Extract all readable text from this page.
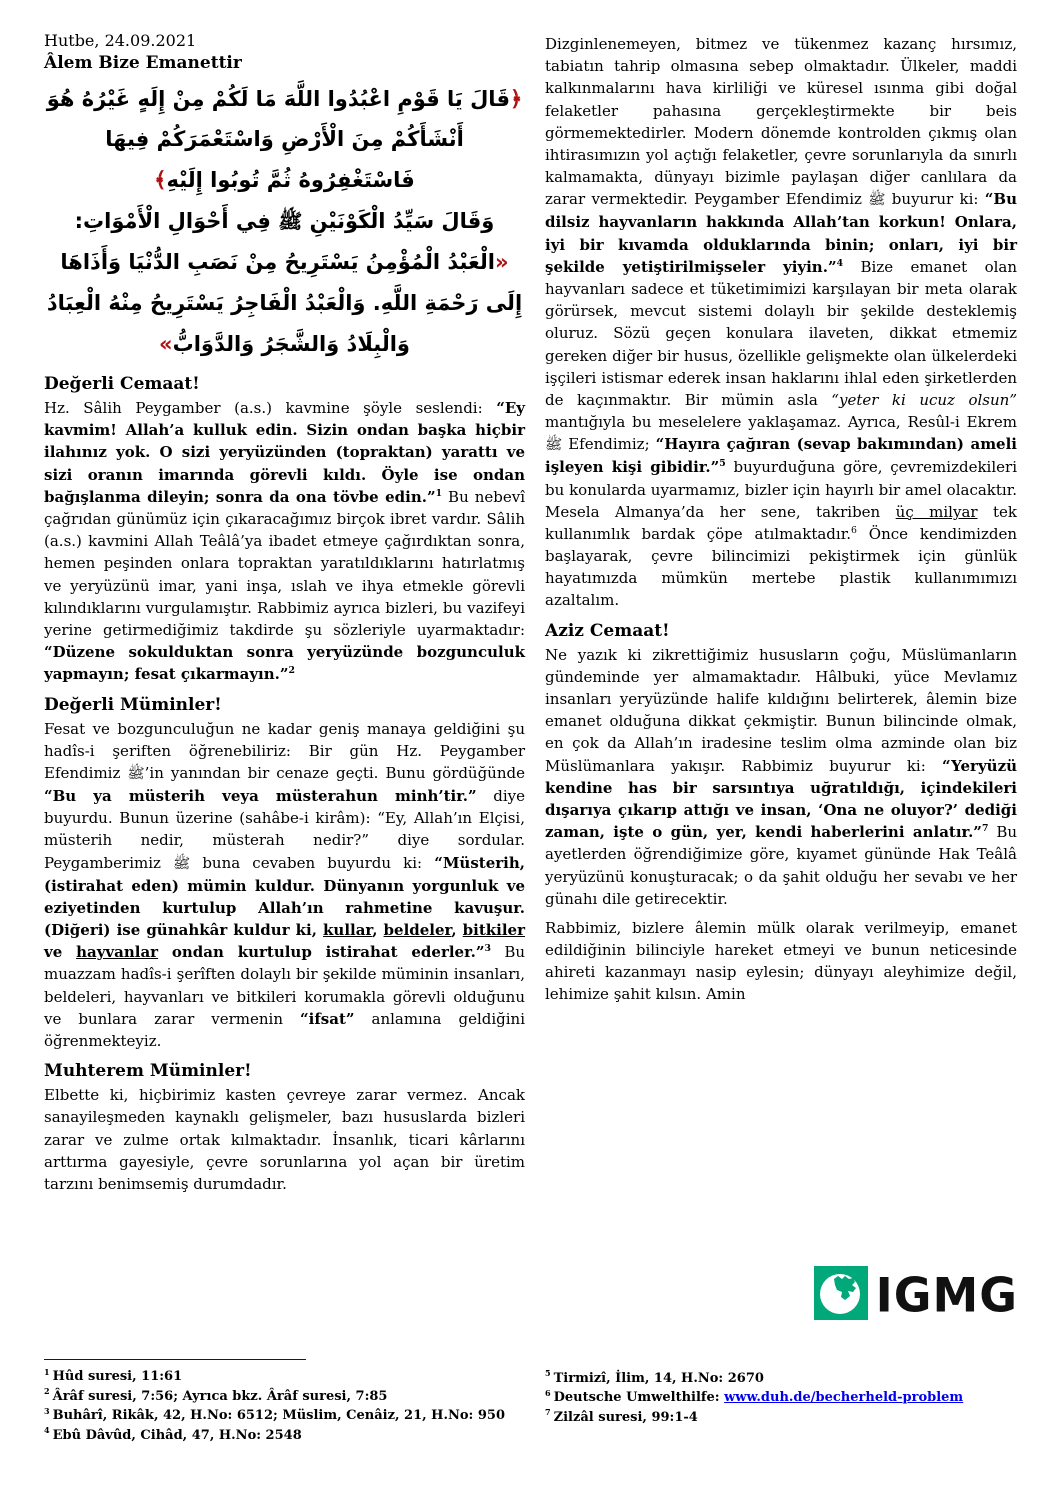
Hutbe, 24.09.2021
Âlem Bize Emanettir

﴿قَالَ يَا قَوْمِ اعْبُدُوا اللَّهَ مَا لَكُمْ مِنْ إِلَهٍ غَيْرُهُ هُوَ أَنْشَأَكُمْ مِنَ الْأَرْضِ وَاسْتَعْمَرَكُمْ فِيهَا فَاسْتَغْفِرُوهُ ثُمَّ تُوبُوا إِلَيْهِ﴾

وَقَالَ سَيِّدُ الْكَوْنَيْنِ ﷺ فِي أَحْوَالِ الْأَمْوَاتِ: «الْعَبْدُ الْمُؤْمِنُ يَسْتَرِيحُ مِنْ نَصَبِ الدُّنْيَا وَأَذَاهَا إِلَى رَحْمَةِ اللَّهِ. وَالْعَبْدُ الْفَاجِرُ يَسْتَرِيحُ مِنْهُ الْعِبَادُ وَالْبِلَادُ وَالشَّجَرُ وَالدَّوَابُّ»

Değerli Cemaat!

Hz. Sâlih Peygamber (a.s.) kavmine şöyle seslendi: “Ey kavmim! Allah’a kulluk edin. Sizin ondan başka hiçbir ilahınız yok. O sizi yeryüzünden (topraktan) yarattı ve sizi oranın imarında görevli kıldı. Öyle ise ondan bağışlanma dileyin; sonra da ona tövbe edin.”$^1$ Bu nebevî çağrıdan günümüz için çıkaracağımız birçok ibret vardır. Sâlih (a.s.) kavmini Allah Teâlâ’ya ibadet etmeye çağırdıktan sonra, hemen peşinden onlara topraktan yaratıldıklarını hatırlatmış ve yeryüzünü imar, yani inşa, ıslah ve ihya etmekle görevli kılındıklarını vurgulamıştır. Rabbimiz ayrıca bizleri, bu vazifeyi yerine getirmediğimiz takdirde şu sözleriyle uyarmaktadır: “Düzene sokulduktan sonra yeryüzünde bozgunculuk yapmayın; fesat çıkarmayın.”$^2$

Değerli Müminler!

Fesat ve bozgunculuğun ne kadar geniş manaya geldiğini şu hadîs-i şeriften öğrenebiliriz: Bir gün Hz. Peygamber Efendimiz ﷺ’in yanından bir cenaze geçti. Bunu gördüğünde “Bu ya müsterih veya müsterahun minh’tir.” diye buyurdu. Bunun üzerine (sahâbe-i kirâm): “Ey, Allah’ın Elçisi, müsterih nedir, müsterah nedir?” diye sordular. Peygamberimiz ﷺ buna cevaben buyurdu ki: “Müsterih, (istirahat eden) mümin kuldur. Dünyanın yorgunluk ve eziyetinden kurtulup Allah’ın rahmetine kavuşur. (Diğeri) ise günahkâr kuldur ki, kullar, beldeler, bitkiler ve hayvanlar ondan kurtulup istirahat ederler.”$^3$ Bu muazzam hadîs-i şerîften dolaylı bir şekilde müminin insanları, beldeleri, hayvanları ve bitkileri korumakla görevli olduğunu ve bunlara zarar vermenin “ifsat” anlamına geldiğini öğrenmekteyiz.

Muhterem Müminler!

Elbette ki, hiçbirimiz kasten çevreye zarar vermez. Ancak sanayileşmeden kaynaklı gelişmeler, bazı hususlarda bizleri zarar ve zulme ortak kılmaktadır. İnsanlık, ticari kârlarını arttırma gayesiyle, çevre sorunlarına yol açan bir üretim tarzını benimsemiş durumdadır.

Dizginlenemeyen, bitmez ve tükenmez kazanç hırsımız, tabiatın tahrip olmasına sebep olmaktadır. Ülkeler, maddi kalkınmalarını hava kirliliği ve küresel ısınma gibi doğal felaketler pahasına gerçekleştirmekte bir beis görmemektedirler. Modern dönemde kontrolden çıkmış olan ihtirasımızın yol açtığı felaketler, çevre sorunlarıyla da sınırlı kalmamakta, dünyayı bizimle paylaşan diğer canlılara da zarar vermektedir. Peygamber Efendimiz ﷺ buyurur ki: “Bu dilsiz hayvanların hakkında Allah’tan korkun! Onlara, iyi bir kıvamda olduklarında binin; onları, iyi bir şekilde yetiştirilmişseler yiyin.”$^4$ Bize emanet olan hayvanları sadece et tüketimimizi karşılayan bir meta olarak görürsek, mevcut sistemi dolaylı bir şekilde desteklemiş oluruz. Sözü geçen konulara ilaveten, dikkat etmemiz gereken diğer bir husus, özellikle gelişmekte olan ülkelerdeki işçileri istismar ederek insan haklarını ihlal eden şirketlerden de kaçınmaktır. Bir mümin asla “yeter ki ucuz olsun” mantığıyla bu meselelere yaklaşamaz. Ayrıca, Resûl-i Ekrem ﷺ Efendimiz; “Hayıra çağıran (sevap bakımından) ameli işleyen kişi gibidir.”$^5$ buyurduğuna göre, çevremizdekileri bu konularda uyarmamız, bizler için hayırlı bir amel olacaktır. Mesela Almanya’da her sene, takriben üç milyar tek kullanımlık bardak çöpe atılmaktadır.$^6$ Önce kendimizden başlayarak, çevre bilincimizi pekiştirmek için günlük hayatımızda mümkün mertebe plastik kullanımımızı azaltalım.

Aziz Cemaat!

Ne yazık ki zikrettiğimiz hususların çoğu, Müslümanların gündeminde yer almamaktadır. Hâlbuki, yüce Mevlamız insanları yeryüzünde halife kıldığını belirterek, âlemin bize emanet olduğuna dikkat çekmiştir. Bunun bilincinde olmak, en çok da Allah’ın iradesine teslim olma azminde olan biz Müslümanlara yakışır. Rabbimiz buyurur ki: “Yeryüzü kendine has bir sarsıntıya uğratıldığı, içindekileri dışarıya çıkarıp attığı ve insan, ‘Ona ne oluyor?’ dediği zaman, işte o gün, yer, kendi haberlerini anlatır.”$^7$ Bu ayetlerden öğrendiğimize göre, kıyamet gününde Hak Teâlâ yeryüzünü konuşturacak; o da şahit olduğu her sevabı ve her günahı dile getirecektir.

Rabbimiz, bizlere âlemin mülk olarak verilmeyip, emanet edildiğinin bilinciyle hareket etmeyi ve bunun neticesinde ahireti kazanmayı nasip eylesin; dünyayı aleyhimize değil, lehimize şahit kılsın. Amin

IGMG
$^1$ Hûd suresi, 11:61
$^2$ Ârâf suresi, 7:56; Ayrıca bkz. Ârâf suresi, 7:85
$^3$ Buhârî, Rikâk, 42, H.No: 6512; Müslim, Cenâiz, 21, H.No: 950
$^4$ Ebû Dâvûd, Cihâd, 47, H.No: 2548
$^5$ Tirmizî, İlim, 14, H.No: 2670
$^6$ Deutsche Umwelthilfe: www.duh.de/becherheld-problem
$^7$ Zilzâl suresi, 99:1-4
